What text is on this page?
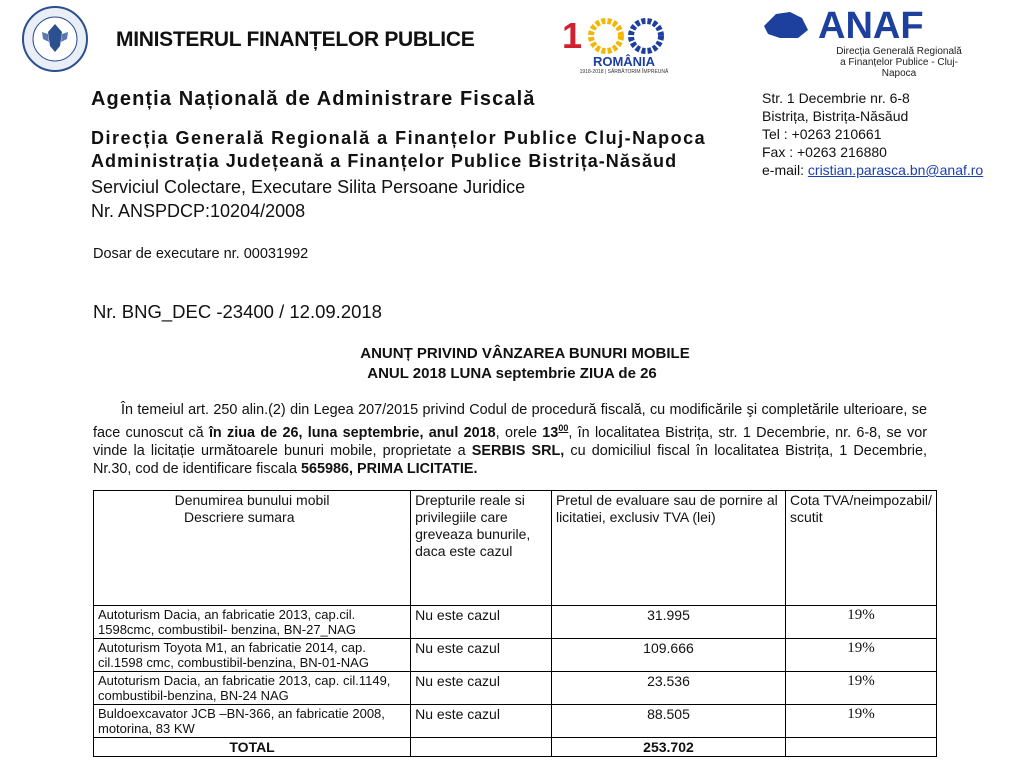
MINISTERUL FINANȚELOR PUBLICE 1
ROMÂNIA
1918-2018 | SĂRBĂTORIM ÎMPREUNĂ
ANAF
Direcția Generală Regională
a Finanțelor Publice - Cluj-Napoca
Agenția Națională de Administrare Fiscală
Direcția Generală Regională a Finanțelor Publice Cluj-Napoca
Administrația Județeană a Finanțelor Publice Bistrița-Năsăud
Serviciul Colectare, Executare Silita Persoane Juridice
Nr. ANSPDCP:10204/2008
Str. 1 Decembrie nr. 6-8
Bistrița, Bistrița-Năsăud
Tel : +0263 210661
Fax : +0263 216880
e-mail: cristian.parasca.bn@anaf.ro
Dosar de executare nr. 00031992
Nr. BNG_DEC -23400 / 12.09.2018
ANUNȚ PRIVIND VÂNZAREA BUNURI MOBILE
ANUL 2018 LUNA septembrie ZIUA de 26
În temeiul art. 250 alin.(2) din Legea 207/2015 privind Codul de procedură fiscală, cu modificările şi completările ulterioare, se face cunoscut că în ziua de 26, luna septembrie, anul 2018, orele $13^{00}$, în localitatea Bistrița, str. 1 Decembrie, nr. 6-8, se vor vinde la licitație următoarele bunuri mobile, proprietate a SERBIS SRL, cu domiciliul fiscal în localitatea Bistrița, 1 Decembrie, Nr.30, cod de identificare fiscala 565986, PRIMA LICITATIE.
Denumirea bunului mobil
Descriere sumara	Drepturile reale si privilegiile care greveaza bunurile, daca este cazul	Pretul de evaluare sau de pornire al licitatiei, exclusiv TVA (lei)	Cota TVA/neimpozabil/ scutit
Autoturism Dacia, an fabricatie 2013, cap.cil. 1598cmc, combustibil- benzina, BN-27_NAG	Nu este cazul	31.995	19%
Autoturism Toyota M1, an fabricatie 2014, cap. cil.1598 cmc, combustibil-benzina, BN-01-NAG	Nu este cazul	109.666	19%
Autoturism Dacia, an fabricatie 2013, cap. cil.1149, combustibil-benzina, BN-24 NAG	Nu este cazul	23.536	19%
Buldoexcavator JCB –BN-366, an fabricatie 2008, motorina, 83 KW	Nu este cazul	88.505	19%
TOTAL		253.702	
